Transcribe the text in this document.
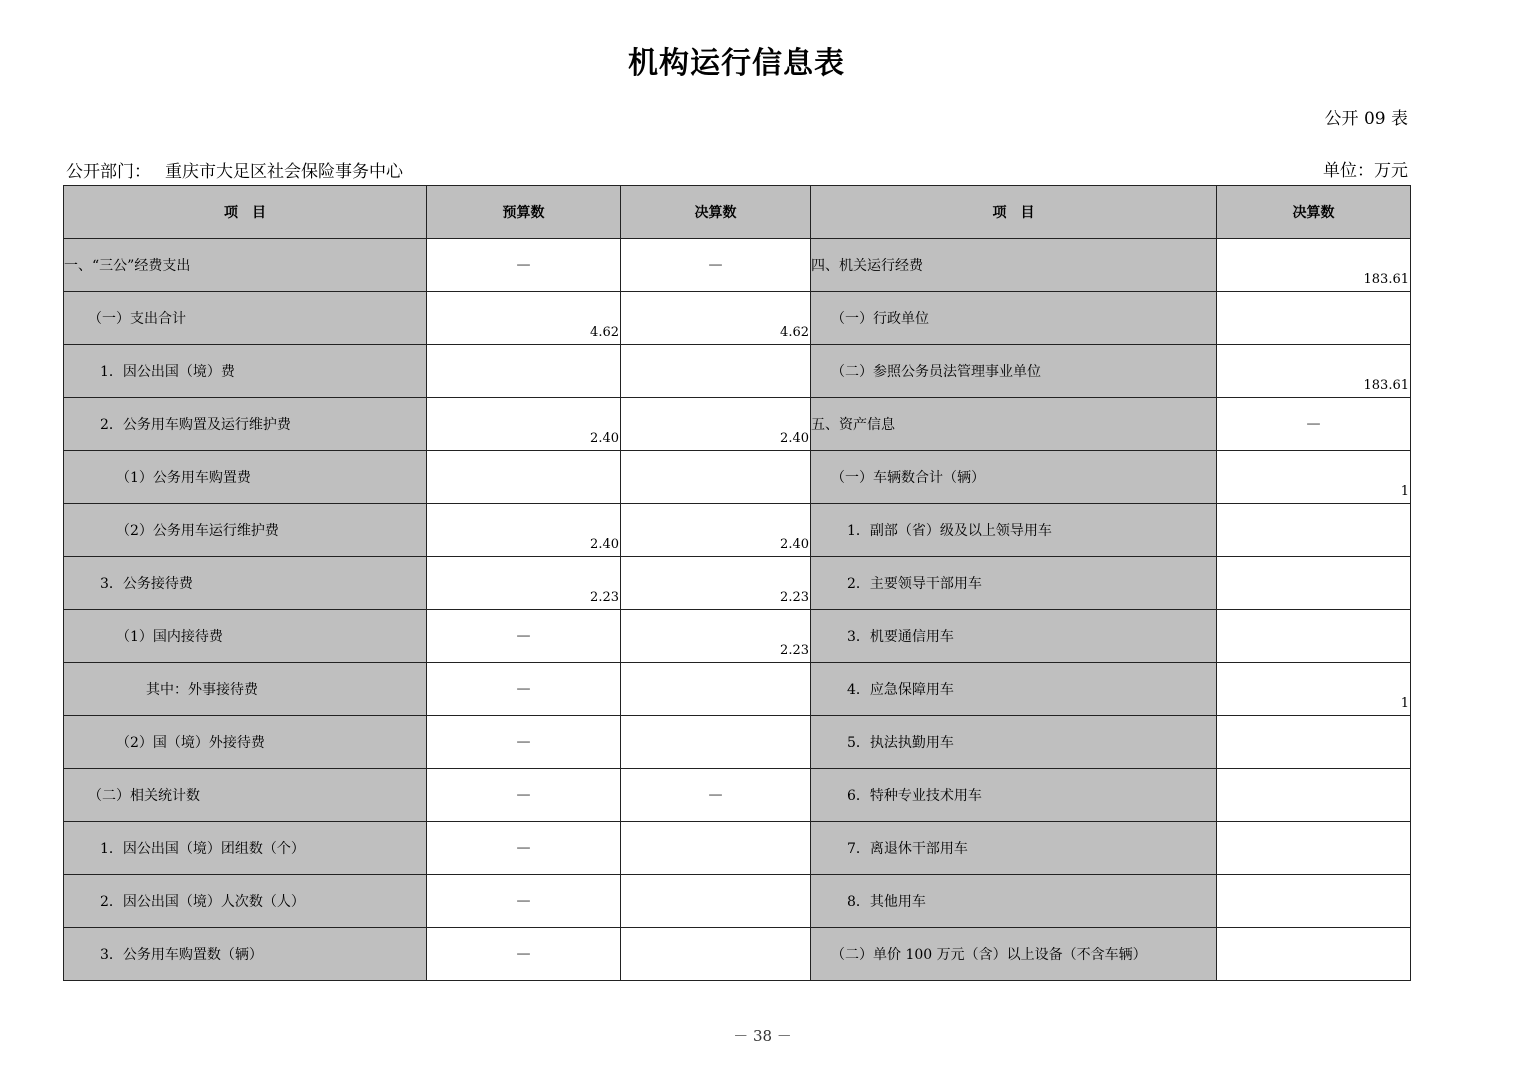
机构运行信息表
公开 09 表
公开部门： 重庆市大足区社会保险事务中心	单位：万元
项　目	预算数	决算数	项　目	决算数
一、“三公”经费支出	—	—	四、机关运行经费	183.61

（一）支出合计	4.62	4.62	（一）行政单位	

1．因公出国（境）费			（二）参照公务员法管理事业单位	183.61

2．公务用车购置及运行维护费	2.40	2.40	五、资产信息	—

（1）公务用车购置费			（一）车辆数合计（辆）	1

（2）公务用车运行维护费	2.40	2.40	1．副部（省）级及以上领导用车	

3．公务接待费	2.23	2.23	2．主要领导干部用车	

（1）国内接待费	—	2.23	3．机要通信用车	

其中：外事接待费	—		4．应急保障用车	1

（2）国（境）外接待费	—		5．执法执勤用车	

（二）相关统计数	—	—	6．特种专业技术用车	

1．因公出国（境）团组数（个）	—		7．离退休干部用车	

2．因公出国（境）人次数（人）	—		8．其他用车	

3．公务用车购置数（辆）	—		（二）单价 100 万元（含）以上设备（不含车辆）	
－ 38 －
